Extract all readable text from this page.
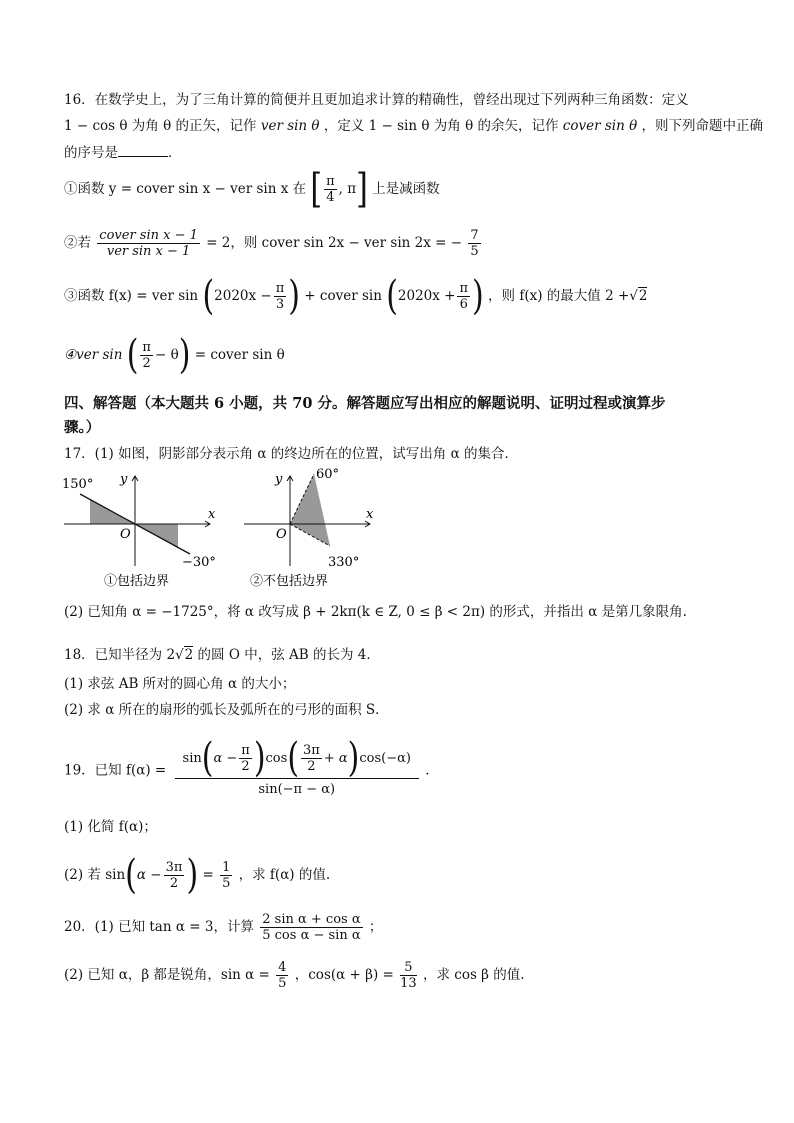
16．在数学史上，为了三角计算的简便并且更加追求计算的精确性，曾经出现过下列两种三角函数：定义
1 − cos θ 为角 θ 的正矢，记作 ver sin θ ，定义 1 − sin θ 为角 θ 的余矢，记作 cover sin θ ，则下列命题中正确
的序号是	．
①函数 y = cover sin x − ver sin x 在 [ $\frac{\pi}{4}$ , π] 上是减函数
②若 $\frac{\text{cover sin x − 1}}{\text{ver sin x − 1}} = 2$，则 cover sin 2x − ver sin 2x = − $\frac{7}{5}$
③函数 f(x) = ver $\sin (2020x - \frac{\pi}{3}$ ) + cover $\sin (2020x + \frac{\pi}{6}$ ) ，则 f(x) 的最大值 2 +√2
④ver sin ( $\frac{\pi}{2} - \theta$) = cover sin θ
四、解答题（本大题共 6 小题，共 70 分。解答题应写出相应的解题说明、证明过程或演算步
骤。）
17．(1) 如图，阴影部分表示角 α 的终边所在的位置，试写出角 α 的集合．
150° y
x
O
−30°
①包括边界
60°
y
x
O
330°
②不包括边界
(2) 已知角 α = −1725°，将 α 改写成 β + 2kπ(k ∈ Z, 0 ≤ β < 2π) 的形式，并指出 α 是第几象限角.
18．已知半径为 2√2 的圆 O 中，弦 AB 的长为 4．
(1) 求弦 AB 所对的圆心角 α 的大小；
(2) 求 α 所在的扇形的弧长及弧所在的弓形的面积 S．
19．已知 $f(\alpha) = \frac{\sin(\alpha - \frac{\pi}{2} )\cos( \frac{3\pi}{2} + \alpha)\cos(-\alpha)}{\sin(-\pi - \alpha)}$ ．
(1) 化简 f(α)；
(2) 若 $\sin(\alpha - \frac{3\pi}{2}$ ) = $\frac{1}{5}$ ，求 f(α) 的值.
20．(1) 已知 tan α = 3，计算 $\frac{\text{2 sin α + cos α}}{\text{5 cos α − sin α}}$ ；
(2) 已知 α，β 都是锐角，$\sin \alpha = \frac{4}{5}$ ，$\cos(\alpha + \beta) = \frac{5}{13}$ ，求 cos β 的值.
